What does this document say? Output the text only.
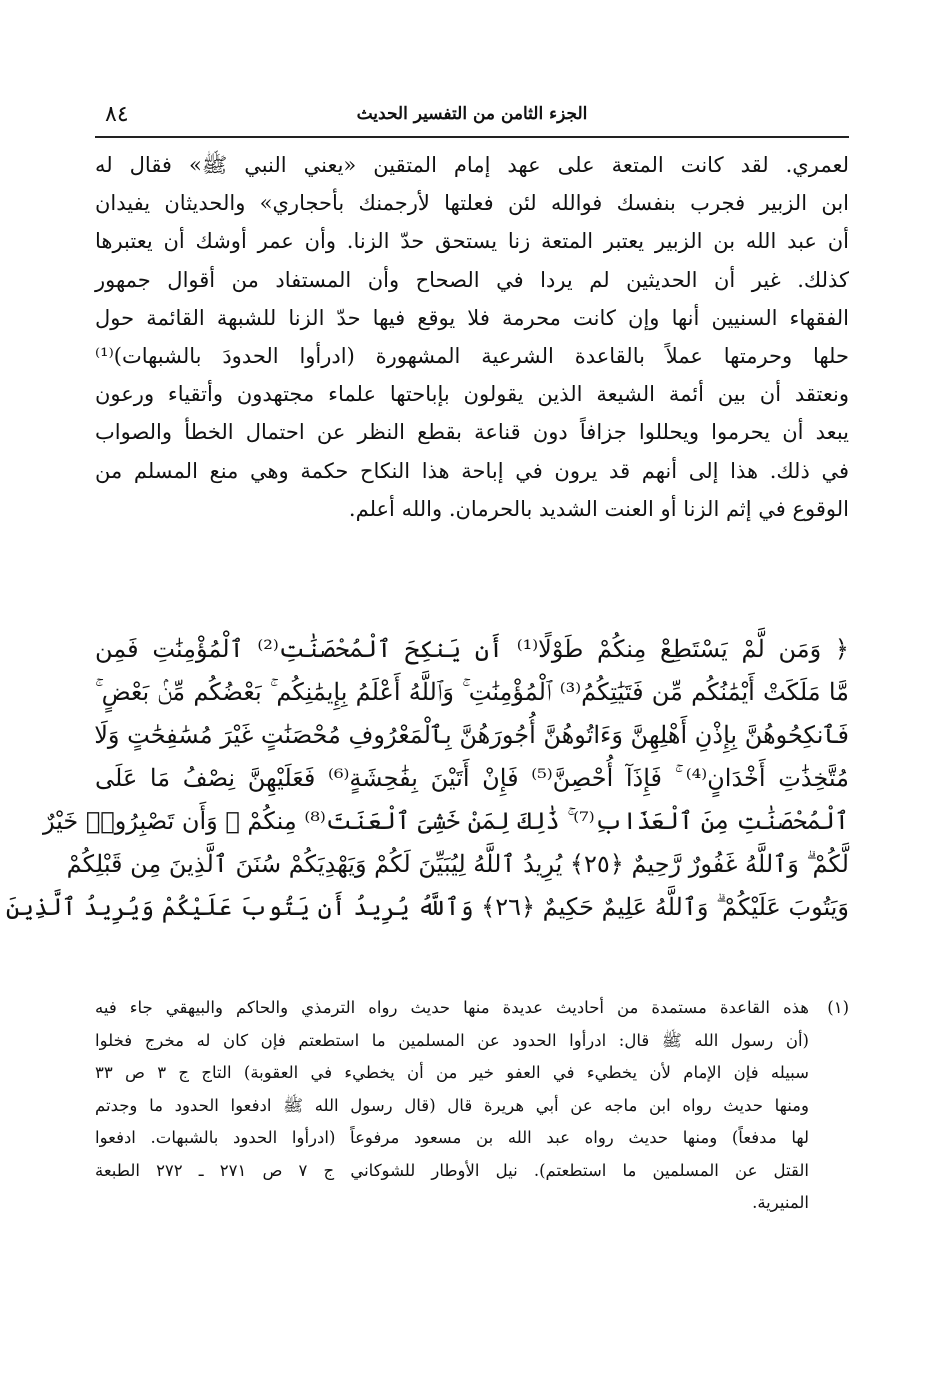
الجزء الثامن من التفسير الحديث
٨٤
لعمري. لقد كانت المتعة على عهد إمام المتقين «يعني النبي ﷺ» فقال له
ابن الزبير فجرب بنفسك فوالله لئن فعلتها لأرجمنك بأحجاري» والحديثان يفيدان
أن عبد الله بن الزبير يعتبر المتعة زنا يستحق حدّ الزنا. وأن عمر أوشك أن يعتبرها
كذلك. غير أن الحديثين لم يردا في الصحاح وأن المستفاد من أقوال جمهور
الفقهاء السنيين أنها وإن كانت محرمة فلا يوقع فيها حدّ الزنا للشبهة القائمة حول
حلها وحرمتها عملاً بالقاعدة الشرعية المشهورة (ادرأوا الحدودَ بالشبهات)⁽¹⁾
ونعتقد أن بين أئمة الشيعة الذين يقولون بإباحتها علماء مجتهدون وأتقياء ورعون
يبعد أن يحرموا ويحللوا جزافاً دون قناعة بقطع النظر عن احتمال الخطأ والصواب
في ذلك. هذا إلى أنهم قد يرون في إباحة هذا النكاح حكمة وهي منع المسلم من
الوقوع في إثم الزنا أو العنت الشديد بالحرمان. والله أعلم.
﴿ وَمَن لَّمْ يَسْتَطِعْ مِنكُمْ طَوْلًا⁽¹⁾ أَن يَنكِحَ ٱلْمُحْصَنَٰتِ⁽²⁾ ٱلْمُؤْمِنَٰتِ فَمِن
مَّا مَلَكَتْ أَيْمَٰنُكُم مِّن فَتَيَٰتِكُمُ⁽³⁾ ٱلْمُؤْمِنَٰتِ ۚ وَٱللَّهُ أَعْلَمُ بِإِيمَٰنِكُم ۚ بَعْضُكُم مِّنۢ بَعْضٍ ۚ
فَٱنكِحُوهُنَّ بِإِذْنِ أَهْلِهِنَّ وَءَاتُوهُنَّ أُجُورَهُنَّ بِٱلْمَعْرُوفِ مُحْصَنَٰتٍ غَيْرَ مُسَٰفِحَٰتٍ وَلَا
مُتَّخِذَٰتِ أَخْدَانٍ⁽⁴⁾ ۚ فَإِذَآ أُحْصِنَّ⁽⁵⁾ فَإِنْ أَتَيْنَ بِفَٰحِشَةٍ⁽⁶⁾ فَعَلَيْهِنَّ نِصْفُ مَا عَلَى
ٱلْمُحْصَنَٰتِ مِنَ ٱلْعَذَابِ⁽⁷⁾ ۚ ذَٰلِكَ لِمَنْ خَشِىَ ٱلْعَنَتَ⁽⁸⁾ مِنكُمْ ۚ وَأَن تَصْبِرُوا۟ خَيْرٌ
لَّكُمْ ۗ وَٱللَّهُ غَفُورٌ رَّحِيمٌ ﴿٢٥﴾ يُرِيدُ ٱللَّهُ لِيُبَيِّنَ لَكُمْ وَيَهْدِيَكُمْ سُنَنَ ٱلَّذِينَ مِن قَبْلِكُمْ
وَيَتُوبَ عَلَيْكُمْ ۗ وَٱللَّهُ عَلِيمٌ حَكِيمٌ ﴿٢٦﴾ وَٱللَّهُ يُرِيدُ أَن يَتُوبَ عَلَيْكُمْ وَيُرِيدُ ٱلَّذِينَ
(١)
هذه القاعدة مستمدة من أحاديث عديدة منها حديث رواه الترمذي والحاكم والبيهقي جاء فيه
(أن رسول الله ﷺ قال: ادرأوا الحدود عن المسلمين ما استطعتم فإن كان له مخرج فخلوا
سبيله فإن الإمام لأن يخطيء في العفو خير من أن يخطيء في العقوبة) التاج ج ٣ ص ٣٣
ومنها حديث رواه ابن ماجه عن أبي هريرة قال (قال رسول الله ﷺ ادفعوا الحدود ما وجدتم
لها مدفعاً) ومنها حديث رواه عبد الله بن مسعود مرفوعاً (ادرأوا الحدود بالشبهات. ادفعوا
القتل عن المسلمين ما استطعتم). نيل الأوطار للشوكاني ج ٧ ص ٢٧١ ـ ٢٧٢ الطبعة
المنيرية.
